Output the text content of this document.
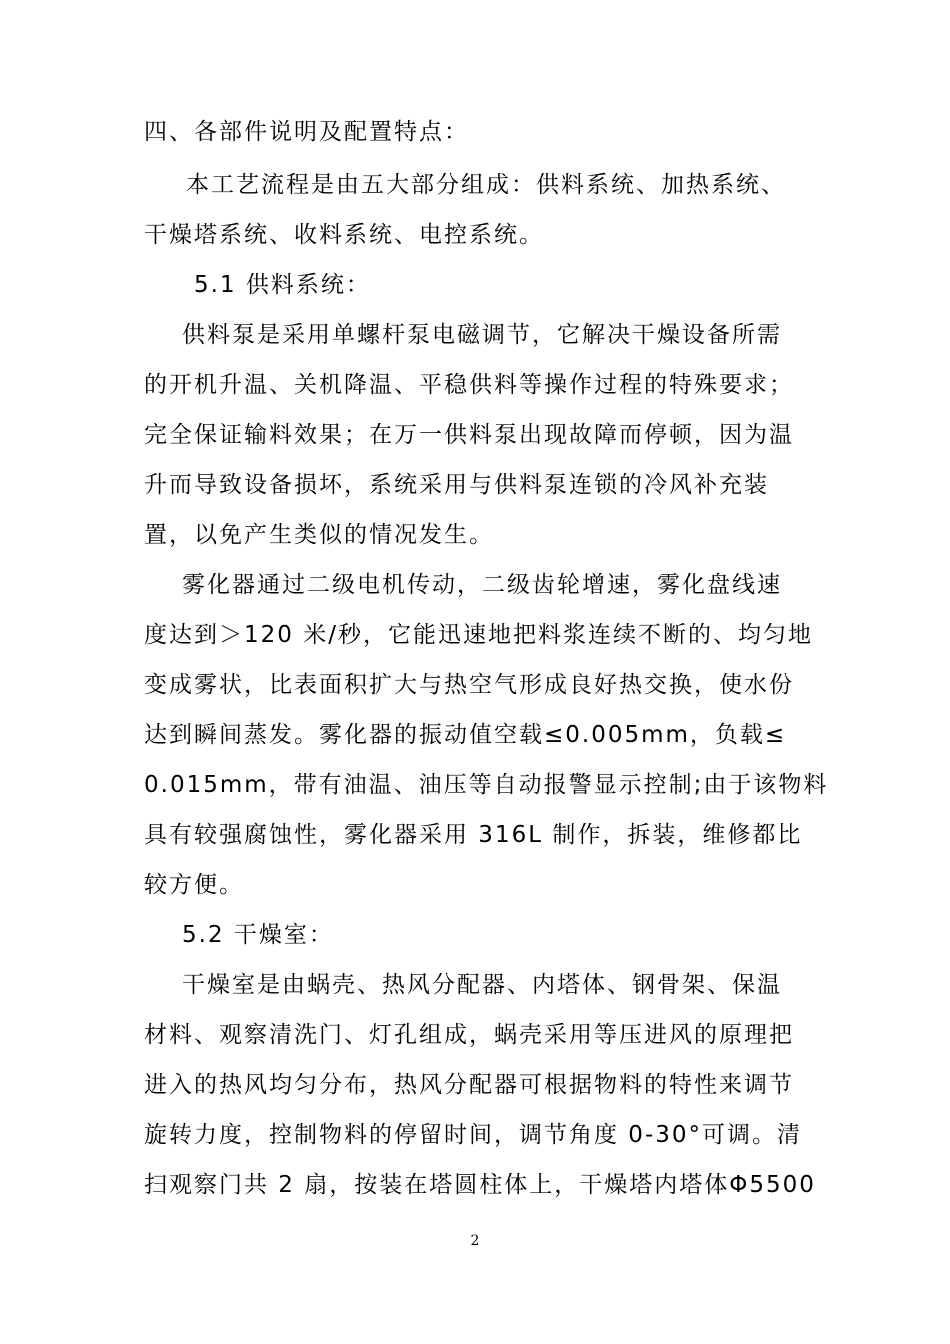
四、各部件说明及配置特点：
本工艺流程是由五大部分组成：供料系统、加热系统、
干燥塔系统、收料系统、电控系统。
5.1 供料系统：
供料泵是采用单螺杆泵电磁调节，它解决干燥设备所需
的开机升温、关机降温、平稳供料等操作过程的特殊要求；
完全保证输料效果；在万一供料泵出现故障而停顿，因为温
升而导致设备损坏，系统采用与供料泵连锁的冷风补充装
置，以免产生类似的情况发生。
雾化器通过二级电机传动，二级齿轮增速，雾化盘线速
度达到＞120 米/秒，它能迅速地把料浆连续不断的、均匀地
变成雾状，比表面积扩大与热空气形成良好热交换，使水份
达到瞬间蒸发。雾化器的振动值空载≤0.005mm，负载≤
0.015mm，带有油温、油压等自动报警显示控制;由于该物料
具有较强腐蚀性，雾化器采用 316L 制作，拆装，维修都比
较方便。
5.2 干燥室：
干燥室是由蜗壳、热风分配器、内塔体、钢骨架、保温
材料、观察清洗门、灯孔组成，蜗壳采用等压进风的原理把
进入的热风均匀分布，热风分配器可根据物料的特性来调节
旋转力度，控制物料的停留时间，调节角度 0-30°可调。清
扫观察门共 2 扇，按装在塔圆柱体上，干燥塔内塔体Φ5500
2
